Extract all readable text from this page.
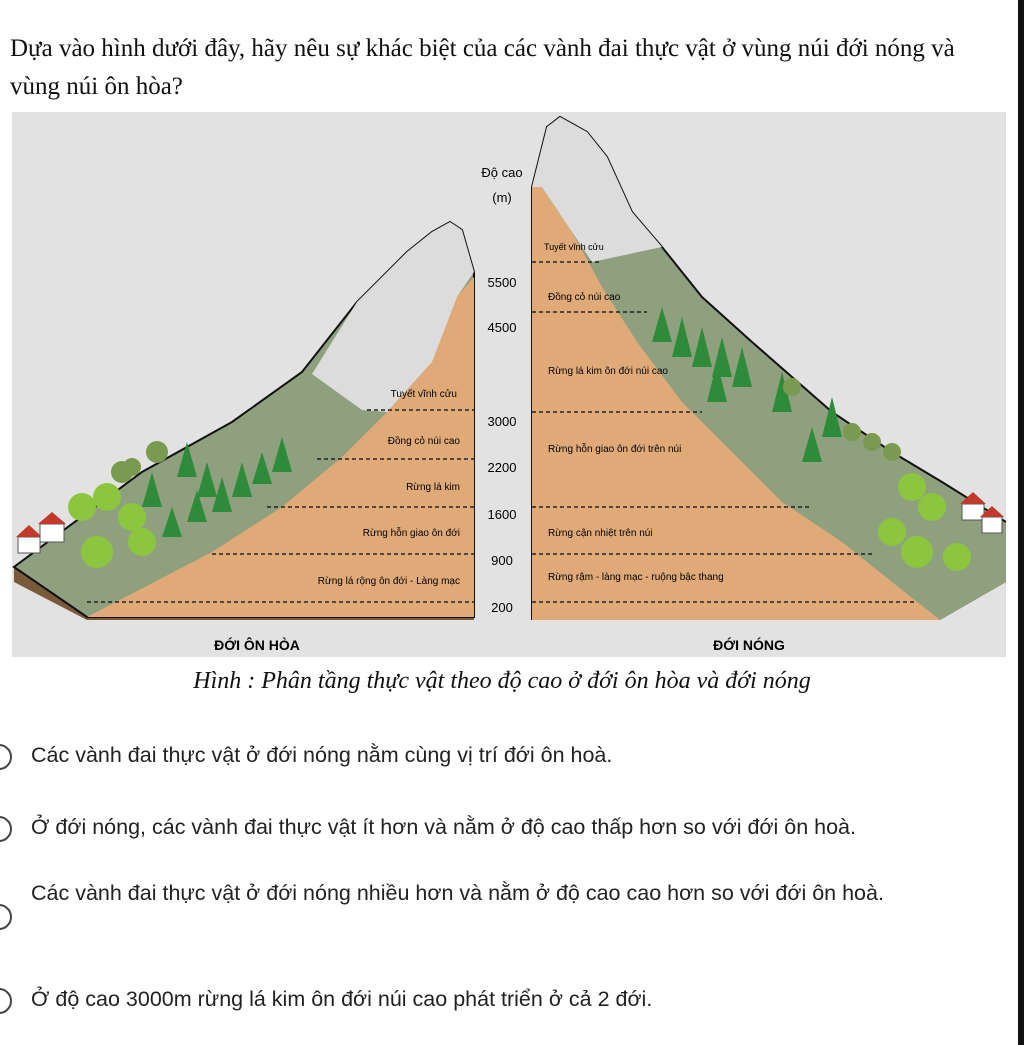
Dựa vào hình dưới đây, hãy nêu sự khác biệt của các vành đai thực vật ở vùng núi đới nóng và vùng núi ôn hòa?

Độ cao
(m)
5500
4500
3000
2200
1600
900
200
Tuyết vĩnh cửu
Đồng cỏ núi cao
Rừng lá kim
Rừng hỗn giao ôn đới
Rừng lá rộng ôn đới - Làng mạc
Tuyết vĩnh cửu
Đồng cỏ núi cao
Rừng lá kim ôn đới núi cao
Rừng hỗn giao ôn đới trên núi
Rừng cận nhiệt trên núi
Rừng rậm - làng mạc - ruộng bậc thang
ĐỚI ÔN HÒA	ĐỚI NÓNG
Hình : Phân tầng thực vật theo độ cao ở đới ôn hòa và đới nóng
Các vành đai thực vật ở đới nóng nằm cùng vị trí đới ôn hoà.
Ở đới nóng, các vành đai thực vật ít hơn và nằm ở độ cao thấp hơn so với đới ôn hoà.
Các vành đai thực vật ở đới nóng nhiều hơn và nằm ở độ cao cao hơn so với đới ôn hoà.
Ở độ cao 3000m rừng lá kim ôn đới núi cao phát triển ở cả 2 đới.
